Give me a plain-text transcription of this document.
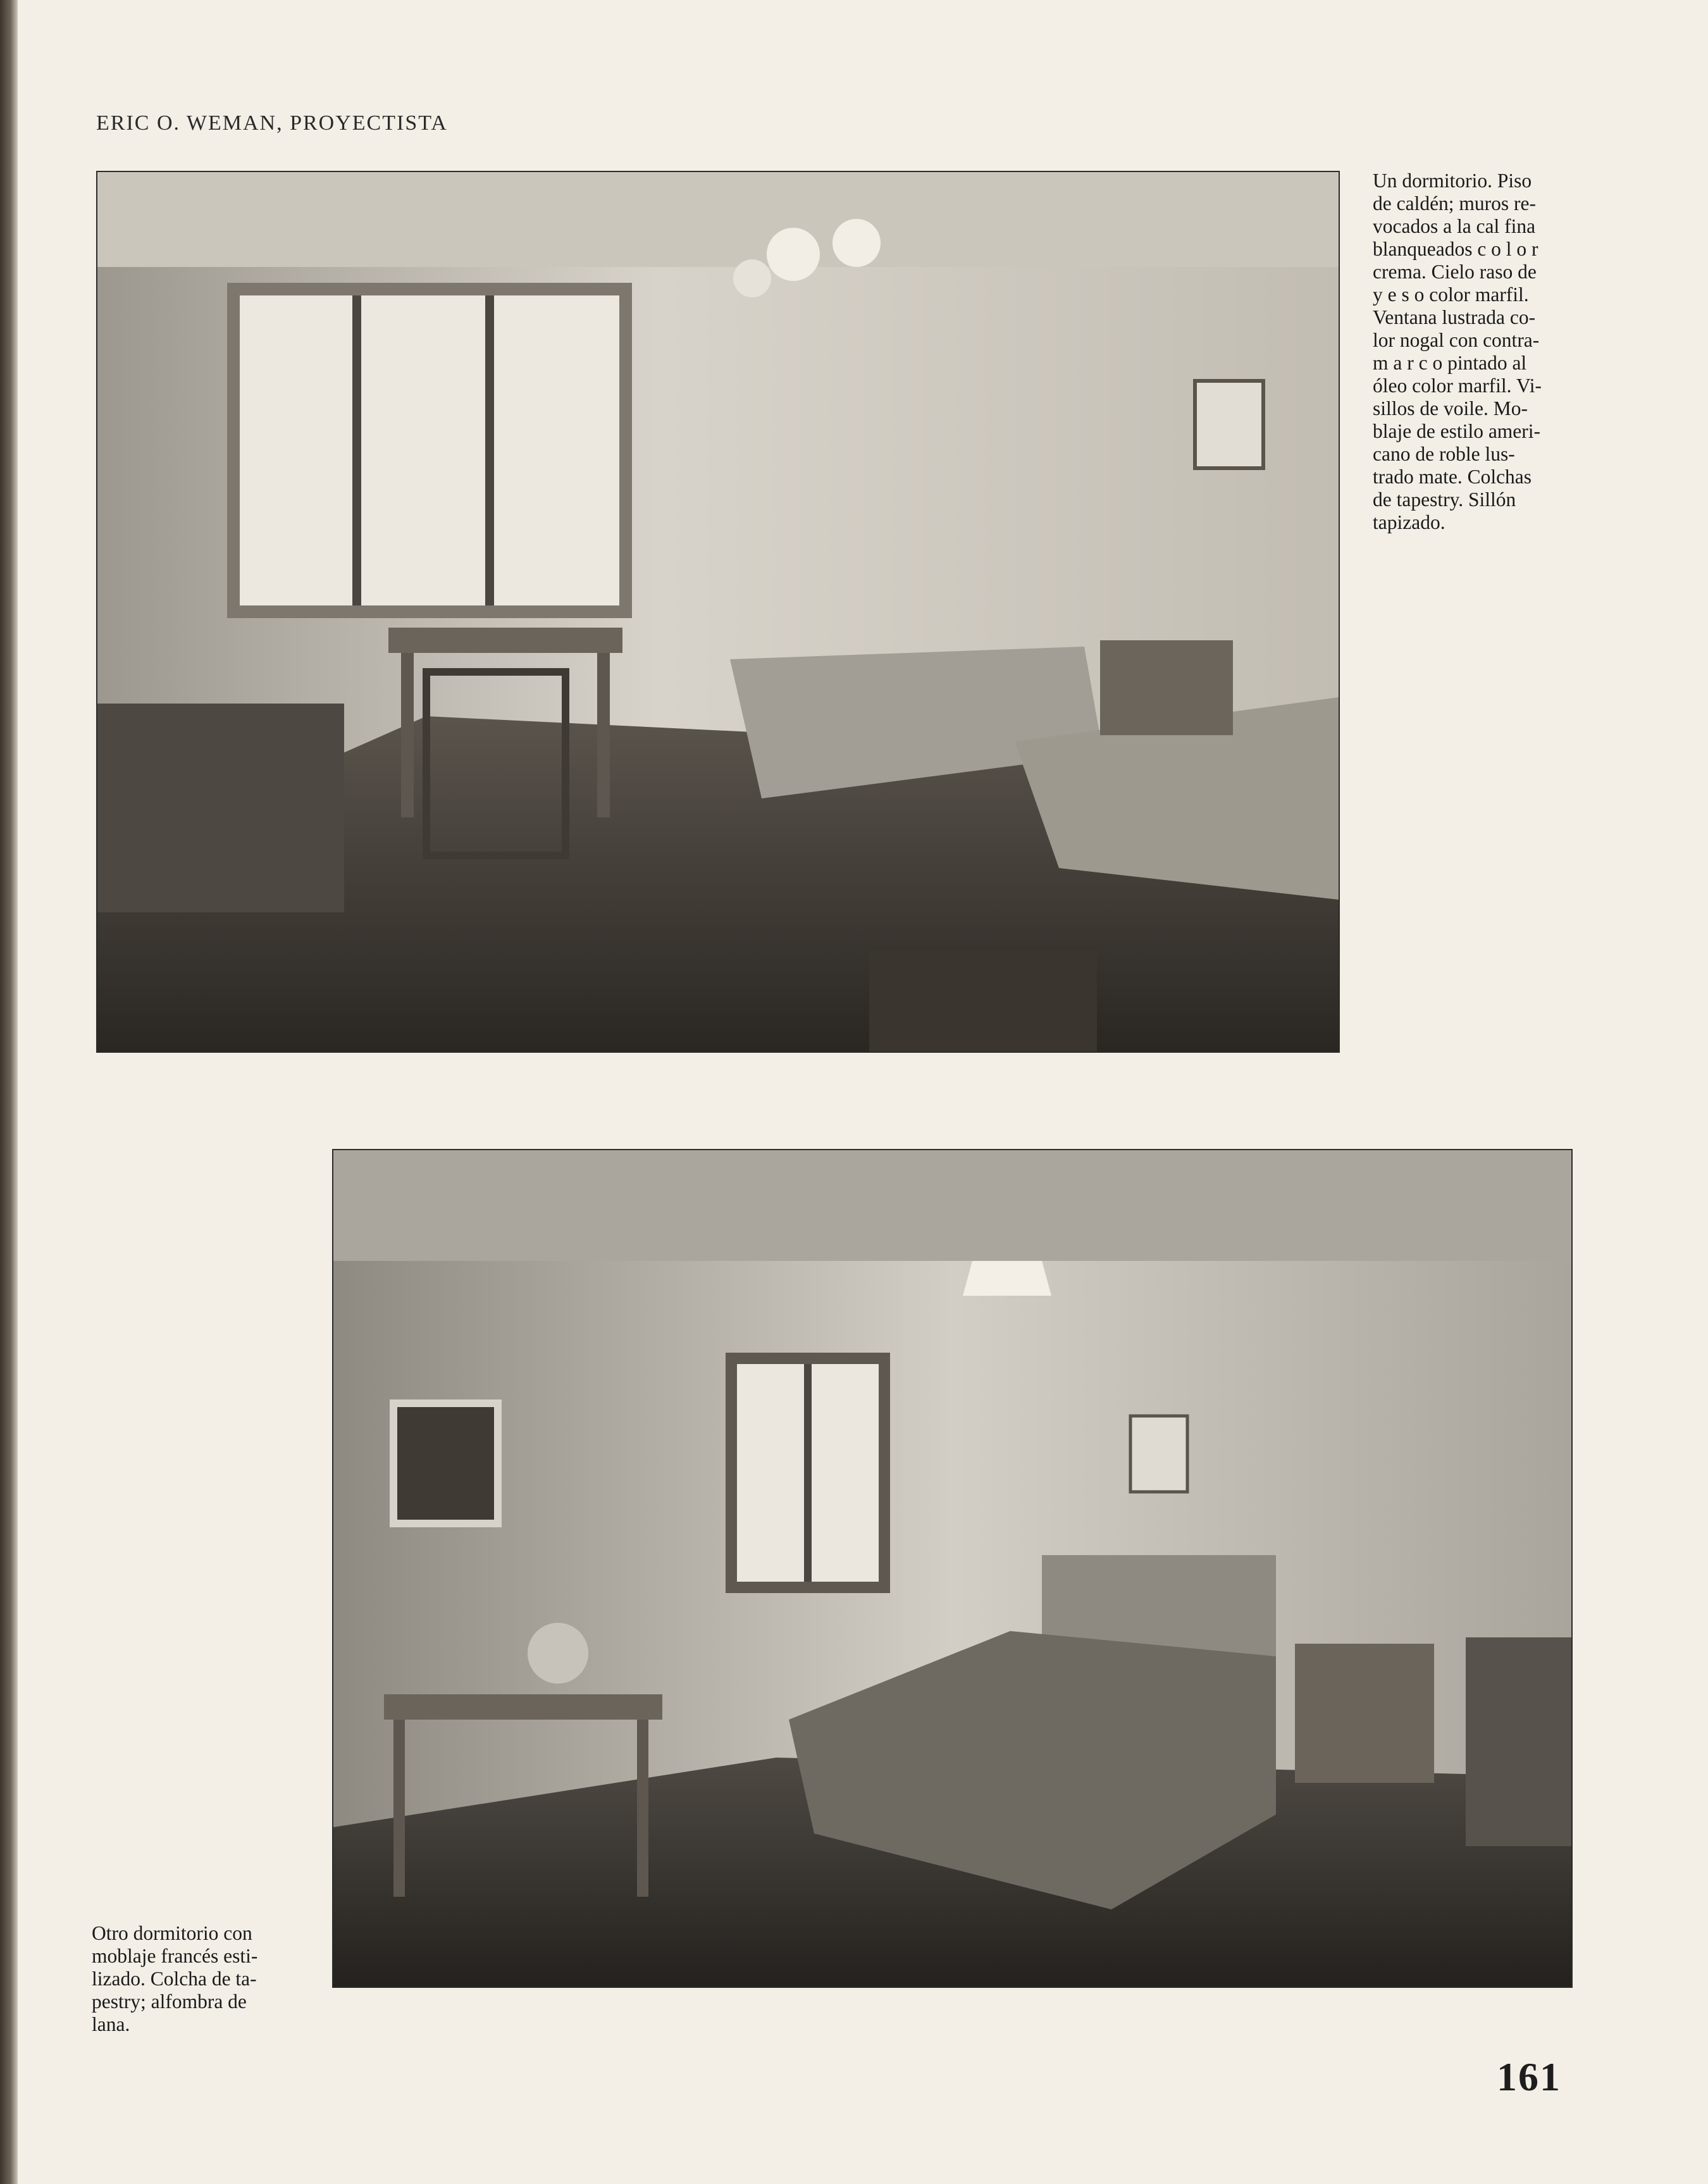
ERIC O. WEMAN, PROYECTISTA
Un dormitorio. Piso
de caldén; muros re-
vocados a la cal fina
blanqueados c o l o r
crema. Cielo raso de
y e s o color marfil.
Ventana lustrada co-
lor nogal con contra-
m a r c o pintado al
óleo color marfil. Vi-
sillos de voile. Mo-
blaje de estilo ameri-
cano de roble lus-
trado mate. Colchas
de tapestry. Sillón
tapizado.
Otro dormitorio con
moblaje francés esti-
lizado. Colcha de ta-
pestry; alfombra de
lana.
161
